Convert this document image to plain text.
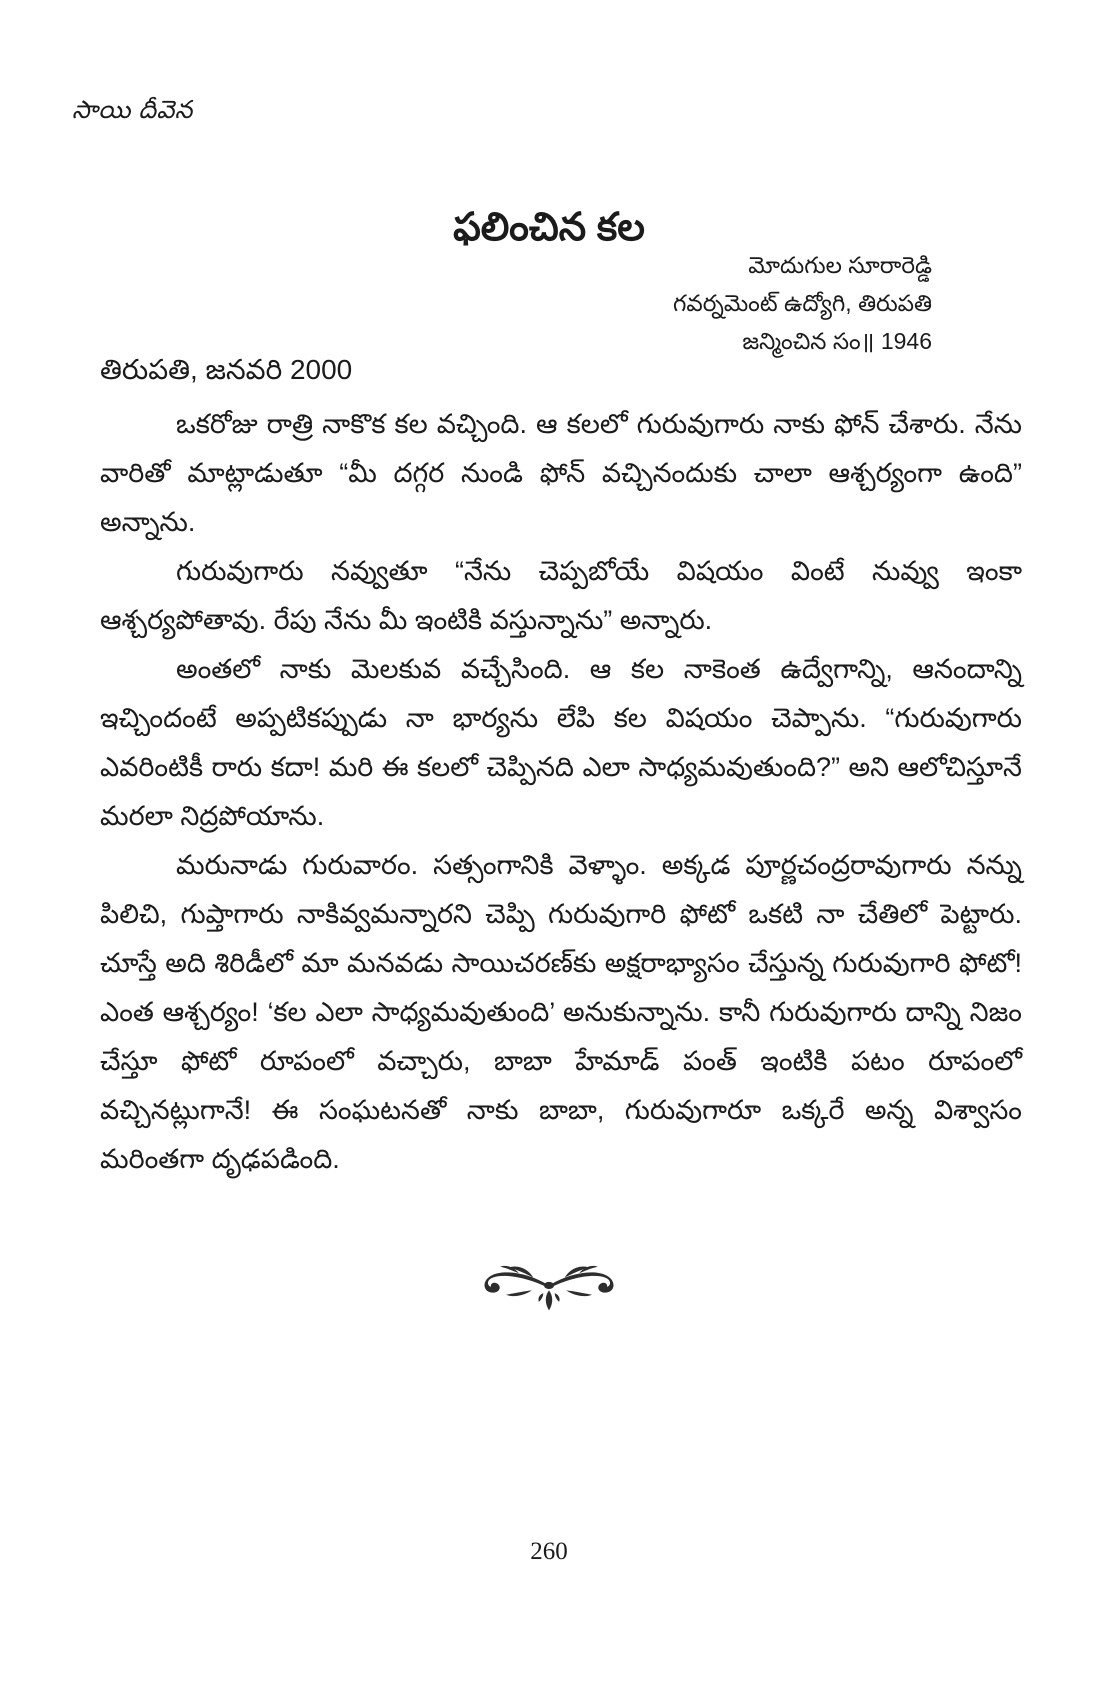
సాయి దీవెన
ఫలించిన కల
మోదుగుల సూరారెడ్డి
గవర్నమెంట్ ఉద్యోగి, తిరుపతి
జన్మించిన సం॥ 1946
తిరుపతి, జనవరి 2000

ఒకరోజు రాత్రి నాకొక కల వచ్చింది. ఆ కలలో గురువుగారు నాకు ఫోన్ చేశారు. నేను వారితో మాట్లాడుతూ “మీ దగ్గర నుండి ఫోన్ వచ్చినందుకు చాలా ఆశ్చర్యంగా ఉంది” అన్నాను.

గురువుగారు నవ్వుతూ “నేను చెప్పబోయే విషయం వింటే నువ్వు ఇంకా ఆశ్చర్యపోతావు. రేపు నేను మీ ఇంటికి వస్తున్నాను” అన్నారు.

అంతలో నాకు మెలకువ వచ్చేసింది. ఆ కల నాకెంత ఉద్వేగాన్ని, ఆనందాన్ని ఇచ్చిందంటే అప్పటికప్పుడు నా భార్యను లేపి కల విషయం చెప్పాను. “గురువుగారు ఎవరింటికీ రారు కదా! మరి ఈ కలలో చెప్పినది ఎలా సాధ్యమవుతుంది?” అని ఆలోచిస్తూనే మరలా నిద్రపోయాను.

మరునాడు గురువారం. సత్సంగానికి వెళ్ళాం. అక్కడ పూర్ణచంద్రరావుగారు నన్ను పిలిచి, గుప్తాగారు నాకివ్వమన్నారని చెప్పి గురువుగారి ఫోటో ఒకటి నా చేతిలో పెట్టారు. చూస్తే అది శిరిడీలో మా మనవడు సాయిచరణ్‌కు అక్షరాభ్యాసం చేస్తున్న గురువుగారి ఫోటో! ఎంత ఆశ్చర్యం! ‘కల ఎలా సాధ్యమవుతుంది’ అనుకున్నాను. కానీ గురువుగారు దాన్ని నిజం చేస్తూ ఫోటో రూపంలో వచ్చారు, బాబా హేమాడ్ పంత్ ఇంటికి పటం రూపంలో వచ్చినట్లుగానే! ఈ సంఘటనతో నాకు బాబా, గురువుగారూ ఒక్కరే అన్న విశ్వాసం మరింతగా దృఢపడింది.

260
